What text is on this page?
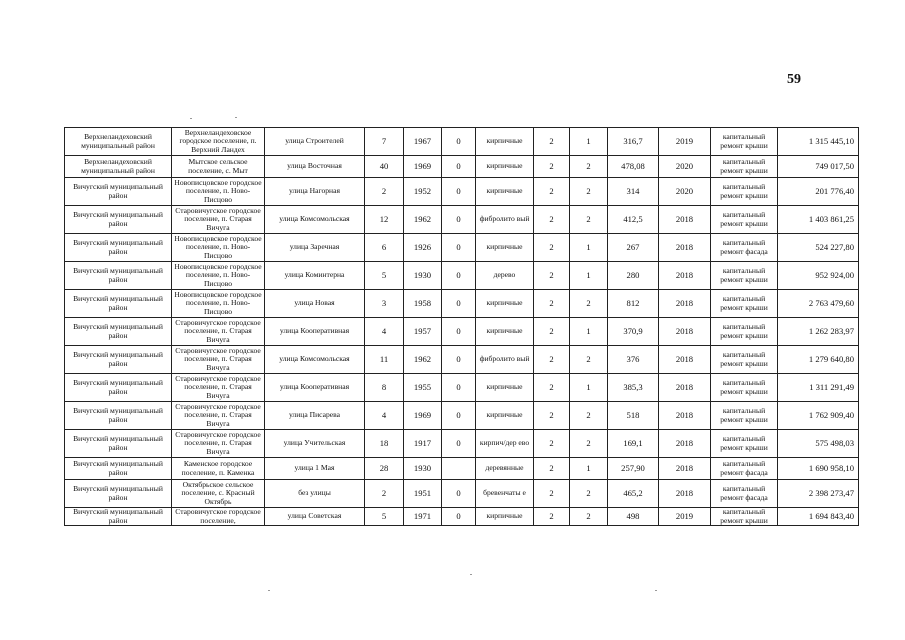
59
Верхнеландеховский муниципальный район	Верхнеландеховское городское поселение, п. Верхний Ландех	улица Строителей	7	1967	0	кирпичные	2	1	316,7	2019	капитальный ремонт крыши	1 315 445,10
Верхнеландеховский муниципальный район	Мытское сельское поселение, с. Мыт	улица Восточная	40	1969	0	кирпичные	2	2	478,08	2020	капитальный ремонт крыши	749 017,50
Вичугский муниципальный район	Новописцовское городское поселение, п. Ново-Писцово	улица Нагорная	2	1952	0	кирпичные	2	2	314	2020	капитальный ремонт крыши	201 776,40
Вичугский муниципальный район	Старовичугское городское поселение, п. Старая Вичуга	улица Комсомольская	12	1962	0	фибролито вый	2	2	412,5	2018	капитальный ремонт крыши	1 403 861,25
Вичугский муниципальный район	Новописцовское городское поселение, п. Ново-Писцово	улица Заречная	6	1926	0	кирпичные	2	1	267	2018	капитальный ремонт фасада	524 227,80
Вичугский муниципальный район	Новописцовское городское поселение, п. Ново-Писцово	улица Коминтерна	5	1930	0	дерево	2	1	280	2018	капитальный ремонт крыши	952 924,00
Вичугский муниципальный район	Новописцовское городское поселение, п. Ново-Писцово	улица Новая	3	1958	0	кирпичные	2	2	812	2018	капитальный ремонт крыши	2 763 479,60
Вичугский муниципальный район	Старовичугское городское поселение, п. Старая Вичуга	улица Кооперативная	4	1957	0	кирпичные	2	1	370,9	2018	капитальный ремонт крыши	1 262 283,97
Вичугский муниципальный район	Старовичугское городское поселение, п. Старая Вичуга	улица Комсомольская	11	1962	0	фибролито вый	2	2	376	2018	капитальный ремонт крыши	1 279 640,80
Вичугский муниципальный район	Старовичугское городское поселение, п. Старая Вичуга	улица Кооперативная	8	1955	0	кирпичные	2	1	385,3	2018	капитальный ремонт крыши	1 311 291,49
Вичугский муниципальный район	Старовичугское городское поселение, п. Старая Вичуга	улица Писарева	4	1969	0	кирпичные	2	2	518	2018	капитальный ремонт крыши	1 762 909,40
Вичугский муниципальный район	Старовичугское городское поселение, п. Старая Вичуга	улица Учительская	18	1917	0	кирпич/дер ево	2	2	169,1	2018	капитальный ремонт крыши	575 498,03
Вичугский муниципальный район	Каменское городское поселение, п. Каменка	улица 1 Мая	28	1930		деревянные	2	1	257,90	2018	капитальный ремонт фасада	1 690 958,10
Вичугский муниципальный район	Октябрьское сельское поселение, с. Красный Октябрь	без улицы	2	1951	0	бревенчаты е	2	2	465,2	2018	капитальный ремонт фасада	2 398 273,47
Вичугский муниципальный район	Старовичугское городское поселение,	улица Советская	5	1971	0	кирпичные	2	2	498	2019	капитальный ремонт крыши	1 694 843,40
